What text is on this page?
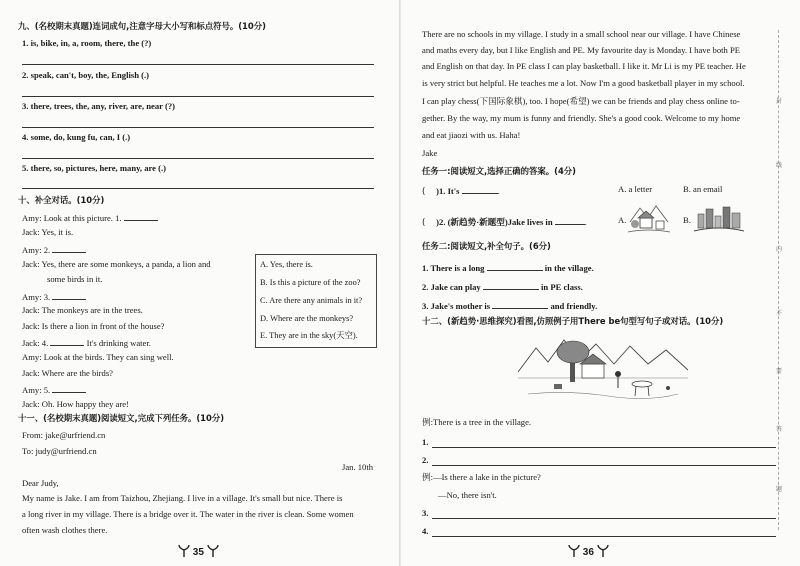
九、(名校期末真题)连词成句,注意字母大小写和标点符号。(10分)
1. is, bike, in, a, room, there, the (?)
2. speak, can't, boy, the, English (.)
3. there, trees, the, any, river, are, near (?)
4. some, do, kung fu, can, I (.)
5. there, so, pictures, here, many, are (.)
十、补全对话。(10分)
Amy: Look at this picture. 1.
Jack: Yes, it is.
Amy: 2.
Jack: Yes, there are some monkeys, a panda, a lion and
some birds in it.
Amy: 3.
Jack: The monkeys are in the trees.
Jack: Is there a lion in front of the house?
Jack: 4.	It's drinking water.
Amy: Look at the birds. They can sing well.
Jack: Where are the birds?
Amy: 5.
Jack: Oh. How happy they are!
A. Yes, there is.
B. Is this a picture of the zoo?
C. Are there any animals in it?
D. Where are the monkeys?
E. They are in the sky(天空).
十一、(名校期末真题)阅读短文,完成下列任务。(10分)
From: jake@urfriend.cn
To: judy@urfriend.cn
Jan. 10th
Dear Judy,
My name is Jake. I am from Taizhou, Zhejiang. I live in a village. It's small but nice. There is
a long river in my village. There is a bridge over it. The water in the river is clean. Some women
often wash clothes there.
35
There are no schools in my village. I study in a small school near our village. I have Chinese
and maths every day, but I like English and PE. My favourite day is Monday. I have both PE
and English on that day. In PE class I can play basketball. I like it. Mr Li is my PE teacher. He
is very strict but helpful. He teaches me a lot. Now I'm a good basketball player in my school.
I can play chess(下国际象棋), too. I hope(希望) we can be friends and play chess online to-
gether. By the way, my mum is funny and friendly. She's a good cook. Welcome to my home
and eat jiaozi with us. Haha!
Jake
任务一:阅读短文,选择正确的答案。(4分)
( )1. It's	.	A. a letter	B. an email
( )2. (新趋势·新题型)Jake lives in	.	A.	B.
任务二:阅读短文,补全句子。(6分)
1. There is a long	in the village.
2. Jake can play	in PE class.
3. Jake's mother is	and friendly.
十二、(新趋势·思维探究)看图,仿照例子用There be句型写句子或对话。(10分)
例:There is a tree in the village.
1.
2.
例:—Is there a lake in the picture?
—No, there isn't.
3.
4.
36
封
线
内
不
要
答
题
